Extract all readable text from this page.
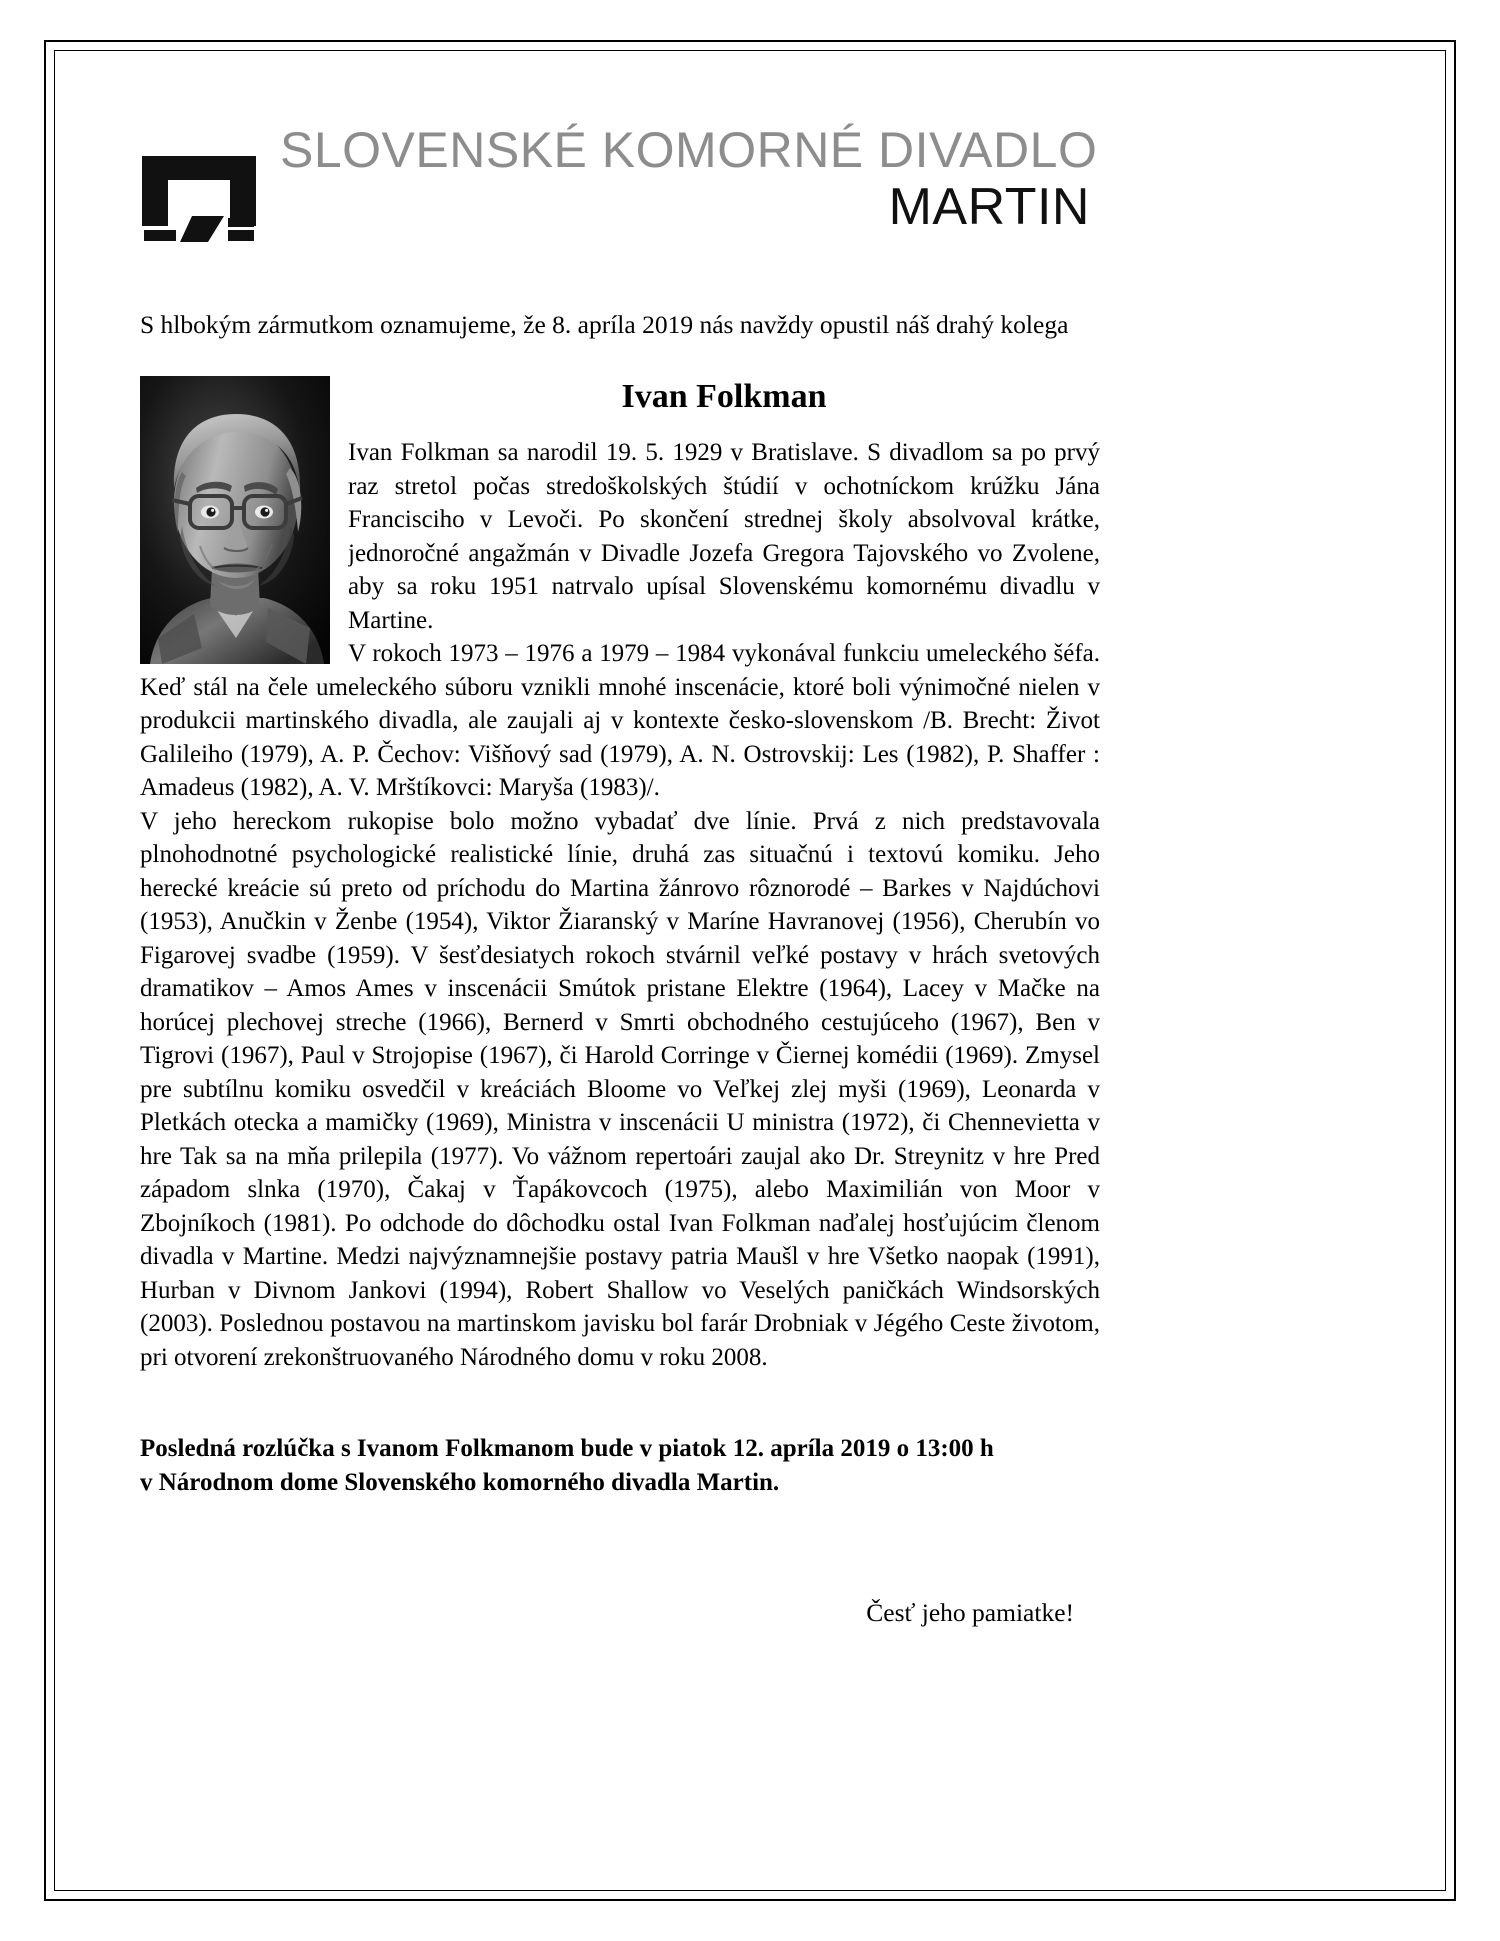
SLOVENSKÉ KOMORNÉ DIVADLO
MARTIN
S hlbokým zármutkom oznamujeme, že 8. apríla 2019 nás navždy opustil náš drahý kolega
Ivan Folkman

Ivan Folkman sa narodil 19. 5. 1929 v Bratislave. S divadlom sa po prvý raz stretol počas stredoškolských štúdií v ochotníckom krúžku Jána Francisciho v Levoči. Po skončení strednej školy absolvoval krátke, jednoročné angažmán v Divadle Jozefa Gregora Tajovského vo Zvolene, aby sa roku 1951 natrvalo upísal Slovenskému komornému divadlu v Martine.

V rokoch 1973 – 1976 a 1979 – 1984 vykonával funkciu umeleckého šéfa. Keď stál na čele umeleckého súboru vznikli mnohé inscenácie, ktoré boli výnimočné nielen v produkcii martinského divadla, ale zaujali aj v kontexte česko-slovenskom /B. Brecht: Život Galileiho (1979), A. P. Čechov: Višňový sad (1979), A. N. Ostrovskij: Les (1982), P. Shaffer : Amadeus (1982), A. V. Mrštíkovci: Maryša (1983)/.

V jeho hereckom rukopise bolo možno vybadať dve línie. Prvá z nich predstavovala plnohodnotné psychologické realistické línie, druhá zas situačnú i textovú komiku. Jeho herecké kreácie sú preto od príchodu do Martina žánrovo rôznorodé – Barkes v Najdúchovi (1953), Anučkin v Ženbe (1954), Viktor Žiaranský v Maríne Havranovej (1956), Cherubín vo Figarovej svadbe (1959). V šesťdesiatych rokoch stvárnil veľké postavy v hrách svetových dramatikov – Amos Ames v inscenácii Smútok pristane Elektre (1964), Lacey v Mačke na horúcej plechovej streche (1966), Bernerd v Smrti obchodného cestujúceho (1967), Ben v Tigrovi (1967), Paul v Strojopise (1967), či Harold Corringe v Čiernej komédii (1969). Zmysel pre subtílnu komiku osvedčil v kreáciách Bloome vo Veľkej zlej myši (1969), Leonarda v Pletkách otecka a mamičky (1969), Ministra v inscenácii U ministra (1972), či Chennevietta v hre Tak sa na mňa prilepila (1977). Vo vážnom repertoári zaujal ako Dr. Streynitz v hre Pred západom slnka (1970), Čakaj v Ťapákovcoch (1975), alebo Maximilián von Moor v Zbojníkoch (1981). Po odchode do dôchodku ostal Ivan Folkman naďalej hosťujúcim členom divadla v Martine. Medzi najvýznamnejšie postavy patria Maušl v hre Všetko naopak (1991), Hurban v Divnom Jankovi (1994), Robert Shallow vo Veselých paničkách Windsorských (2003). Poslednou postavou na martinskom javisku bol farár Drobniak v Jégého Ceste životom, pri otvorení zrekonštruovaného Národného domu v roku 2008.

Posledná rozlúčka s Ivanom Folkmanom bude v piatok 12. apríla 2019 o 13:00 h
v Národnom dome Slovenského komorného divadla Martin.
Česť jeho pamiatke!
